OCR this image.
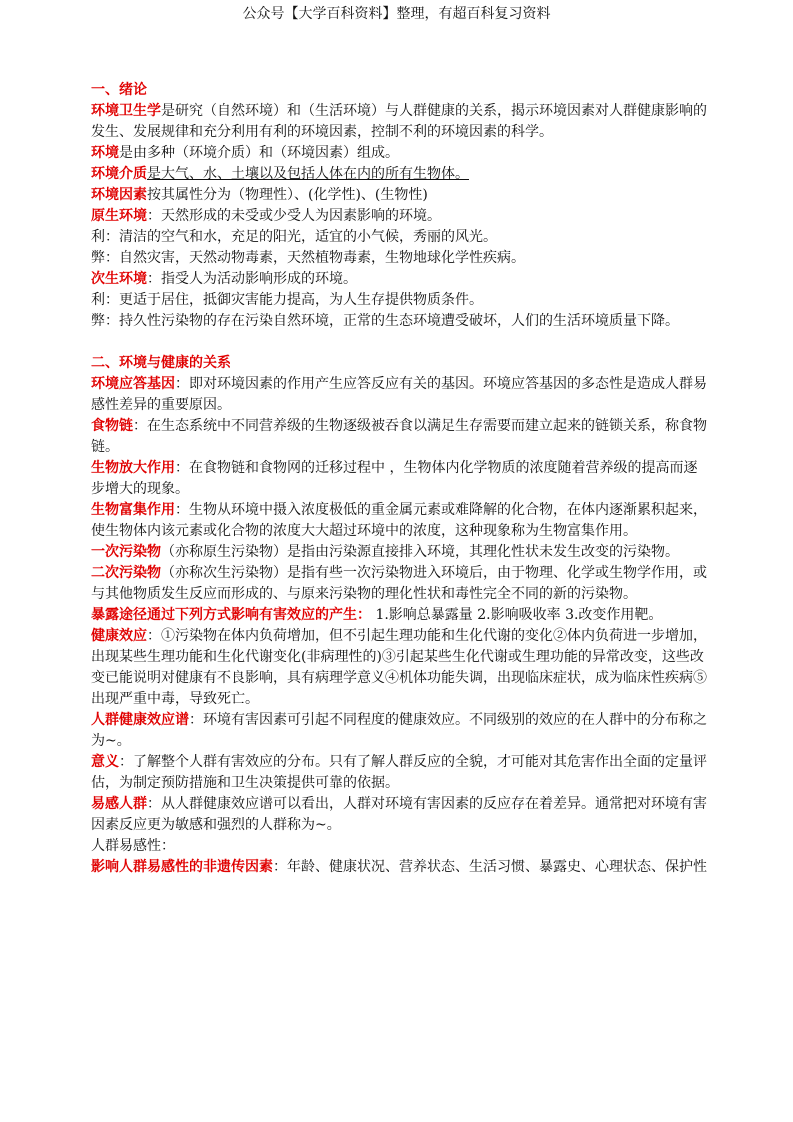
公众号【大学百科资料】整理，有超百科复习资料
一、绪论

环境卫生学是研究（自然环境）和（生活环境）与人群健康的关系，揭示环境因素对人群健康影响的发生、发展规律和充分利用有利的环境因素，控制不利的环境因素的科学。

环境是由多种（环境介质）和（环境因素）组成。

环境介质是大气、水、土壤以及包括人体在内的所有生物体。

环境因素按其属性分为（物理性）、(化学性)、(生物性)

原生环境：天然形成的未受或少受人为因素影响的环境。

利：清洁的空气和水，充足的阳光，适宜的小气候，秀丽的风光。

弊：自然灾害，天然动物毒素，天然植物毒素，生物地球化学性疾病。

次生环境：指受人为活动影响形成的环境。

利：更适于居住，抵御灾害能力提高，为人生存提供物质条件。

弊：持久性污染物的存在污染自然环境，正常的生态环境遭受破坏，人们的生活环境质量下降。

二、环境与健康的关系

环境应答基因：即对环境因素的作用产生应答反应有关的基因。环境应答基因的多态性是造成人群易感性差异的重要原因。

食物链：在生态系统中不同营养级的生物逐级被吞食以满足生存需要而建立起来的链锁关系，称食物链。

生物放大作用：在食物链和食物网的迁移过程中 ，生物体内化学物质的浓度随着营养级的提高而逐步增大的现象。

生物富集作用：生物从环境中摄入浓度极低的重金属元素或难降解的化合物，在体内逐渐累积起来，使生物体内该元素或化合物的浓度大大超过环境中的浓度，这种现象称为生物富集作用。

一次污染物（亦称原生污染物）是指由污染源直接排入环境，其理化性状未发生改变的污染物。

二次污染物（亦称次生污染物）是指有些一次污染物进入环境后，由于物理、化学或生物学作用，或与其他物质发生反应而形成的、与原来污染物的理化性状和毒性完全不同的新的污染物。

暴露途径通过下列方式影响有害效应的产生： 1.影响总暴露量 2.影响吸收率 3.改变作用靶。

健康效应：①污染物在体内负荷增加，但不引起生理功能和生化代谢的变化②体内负荷进一步增加，出现某些生理功能和生化代谢变化(非病理性的)③引起某些生化代谢或生理功能的异常改变，这些改变已能说明对健康有不良影响，具有病理学意义④机体功能失调，出现临床症状，成为临床性疾病⑤出现严重中毒，导致死亡。

人群健康效应谱：环境有害因素可引起不同程度的健康效应。不同级别的效应的在人群中的分布称之为~。

意义：了解整个人群有害效应的分布。只有了解人群反应的全貌，才可能对其危害作出全面的定量评估，为制定预防措施和卫生决策提供可靠的依据。

易感人群：从人群健康效应谱可以看出，人群对环境有害因素的反应存在着差异。通常把对环境有害因素反应更为敏感和强烈的人群称为~。

人群易感性：

影响人群易感性的非遗传因素：年龄、健康状况、营养状态、生活习惯、暴露史、心理状态、保护性
